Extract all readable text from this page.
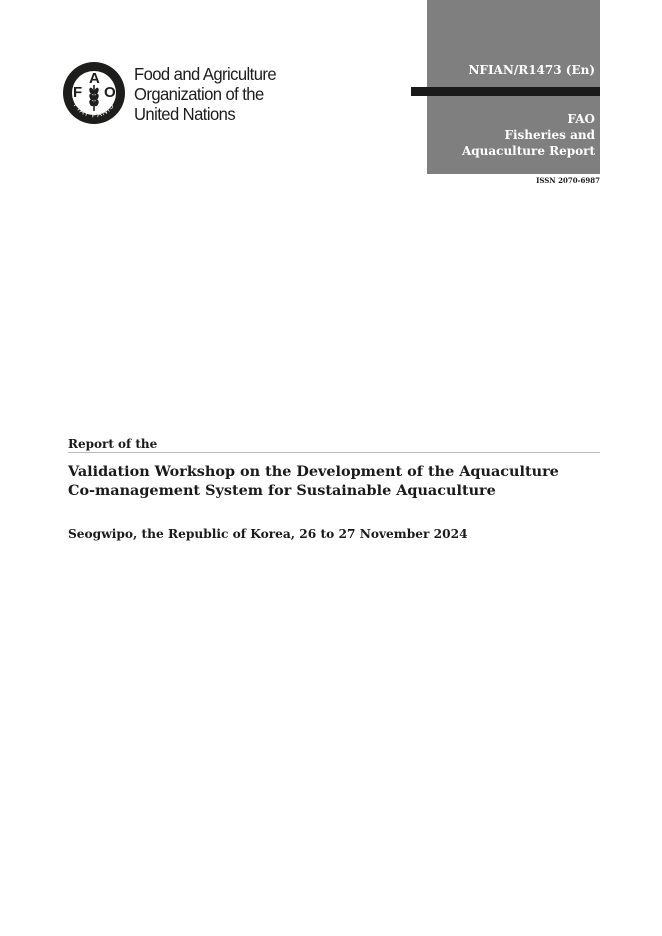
F
A
O
FIAT PANIS
Food and Agriculture
Organization of the
United Nations
NFIAN/R1473 (En)
FAO
Fisheries and
Aquaculture Report
ISSN 2070-6987
Report of the
Validation Workshop on the Development of the Aquaculture
Co-management System for Sustainable Aquaculture
Seogwipo, the Republic of Korea, 26 to 27 November 2024
